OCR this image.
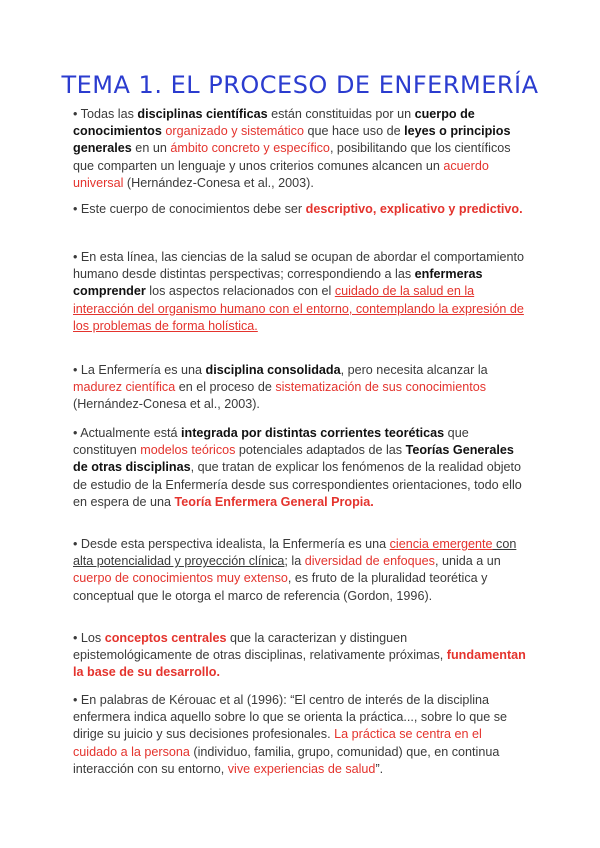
TEMA 1. EL PROCESO DE ENFERMERÍA

• Todas las disciplinas científicas están constituidas por un cuerpo de conocimientos organizado y sistemático que hace uso de leyes o principios generales en un ámbito concreto y específico, posibilitando que los científicos que comparten un lenguaje y unos criterios comunes alcancen un acuerdo universal (Hernández-Conesa et al., 2003).

• Este cuerpo de conocimientos debe ser descriptivo, explicativo y predictivo.

• En esta línea, las ciencias de la salud se ocupan de abordar el comportamiento humano desde distintas perspectivas; correspondiendo a las enfermeras comprender los aspectos relacionados con el cuidado de la salud en la interacción del organismo humano con el entorno, contemplando la expresión de los problemas de forma holística.

• La Enfermería es una disciplina consolidada, pero necesita alcanzar la madurez científica en el proceso de sistematización de sus conocimientos (Hernández-Conesa et al., 2003).

• Actualmente está integrada por distintas corrientes teoréticas que constituyen modelos teóricos potenciales adaptados de las Teorías Generales de otras disciplinas, que tratan de explicar los fenómenos de la realidad objeto de estudio de la Enfermería desde sus correspondientes orientaciones, todo ello en espera de una Teoría Enfermera General Propia.

• Desde esta perspectiva idealista, la Enfermería es una ciencia emergente con alta potencialidad y proyección clínica; la diversidad de enfoques, unida a un cuerpo de conocimientos muy extenso, es fruto de la pluralidad teorética y conceptual que le otorga el marco de referencia (Gordon, 1996).

• Los conceptos centrales que la caracterizan y distinguen epistemológicamente de otras disciplinas, relativamente próximas, fundamentan la base de su desarrollo.

• En palabras de Kérouac et al (1996): “El centro de interés de la disciplina enfermera indica aquello sobre lo que se orienta la práctica..., sobre lo que se dirige su juicio y sus decisiones profesionales. La práctica se centra en el cuidado a la persona (individuo, familia, grupo, comunidad) que, en continua interacción con su entorno, vive experiencias de salud”.
